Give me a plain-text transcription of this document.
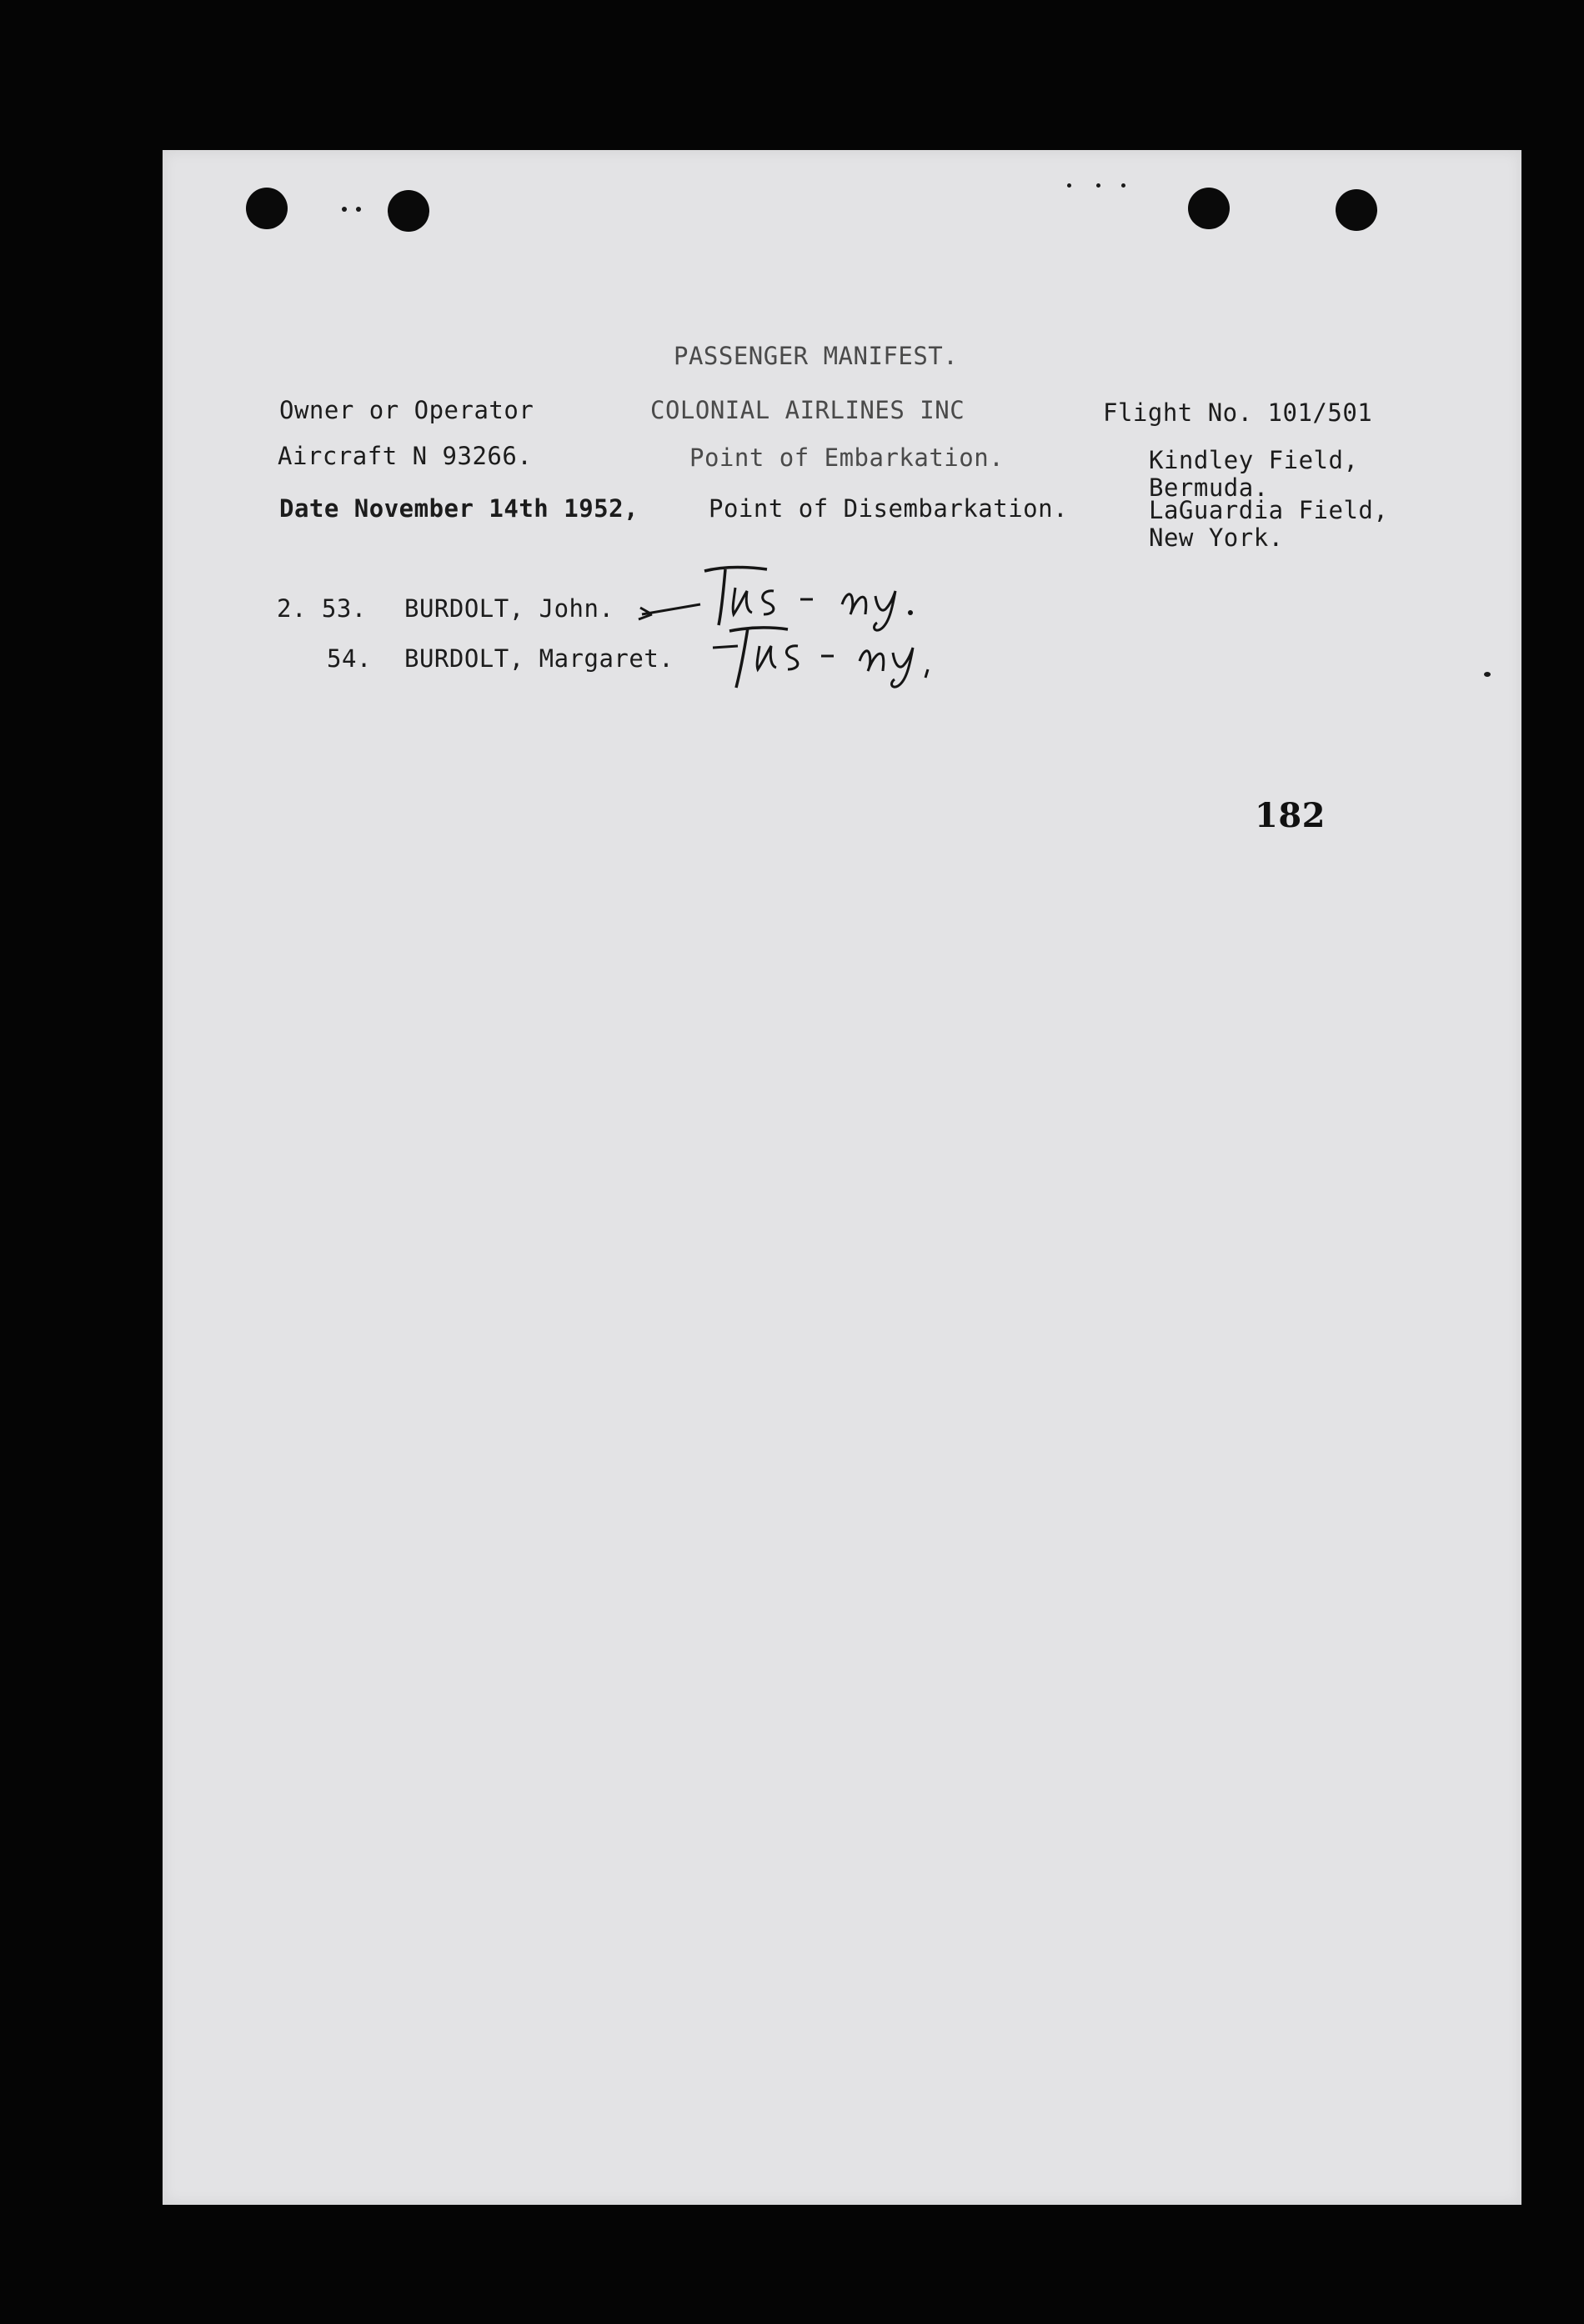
PASSENGER MANIFEST.
Owner or Operator	COLONIAL AIRLINES INC	Flight No. 101/501
Aircraft N 93266.	Point of Embarkation.	Kindley Field,
Bermuda.
Date November 14th 1952,	Point of Disembarkation.	LaGuardia Field,
New York.
2. 53. BURDOLT, John.
54. BURDOLT, Margaret.
182
